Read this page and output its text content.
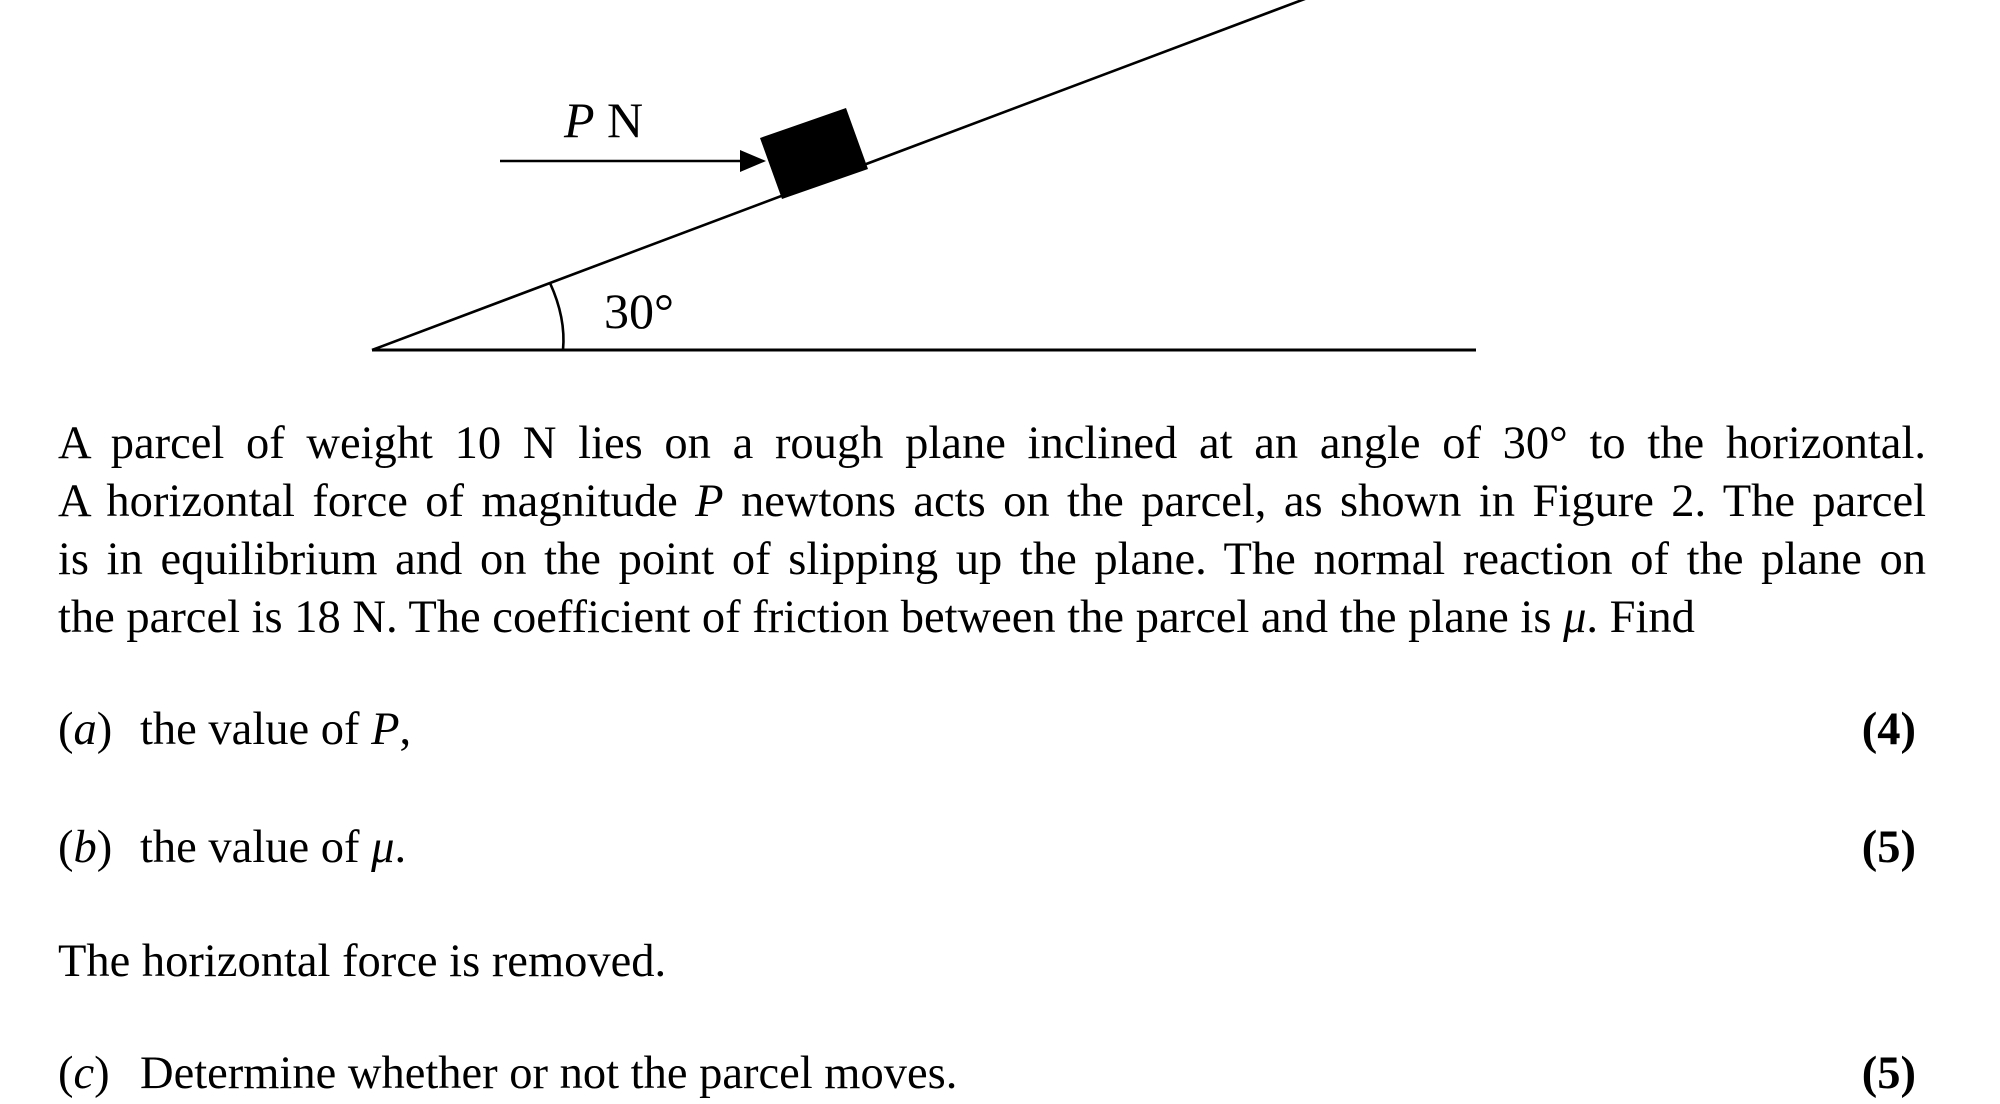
P N
30°
A parcel of weight 10 N lies on a rough plane inclined at an angle of 30° to the horizontal.
A horizontal force of magnitude P newtons acts on the parcel, as shown in Figure 2. The parcel
is in equilibrium and on the point of slipping up the plane. The normal reaction of the plane on
the parcel is 18 N. The coefficient of friction between the parcel and the plane is μ. Find
(a) the value of P,	(4)
(b) the value of μ.	(5)
The horizontal force is removed.
(c) Determine whether or not the parcel moves.	(5)
